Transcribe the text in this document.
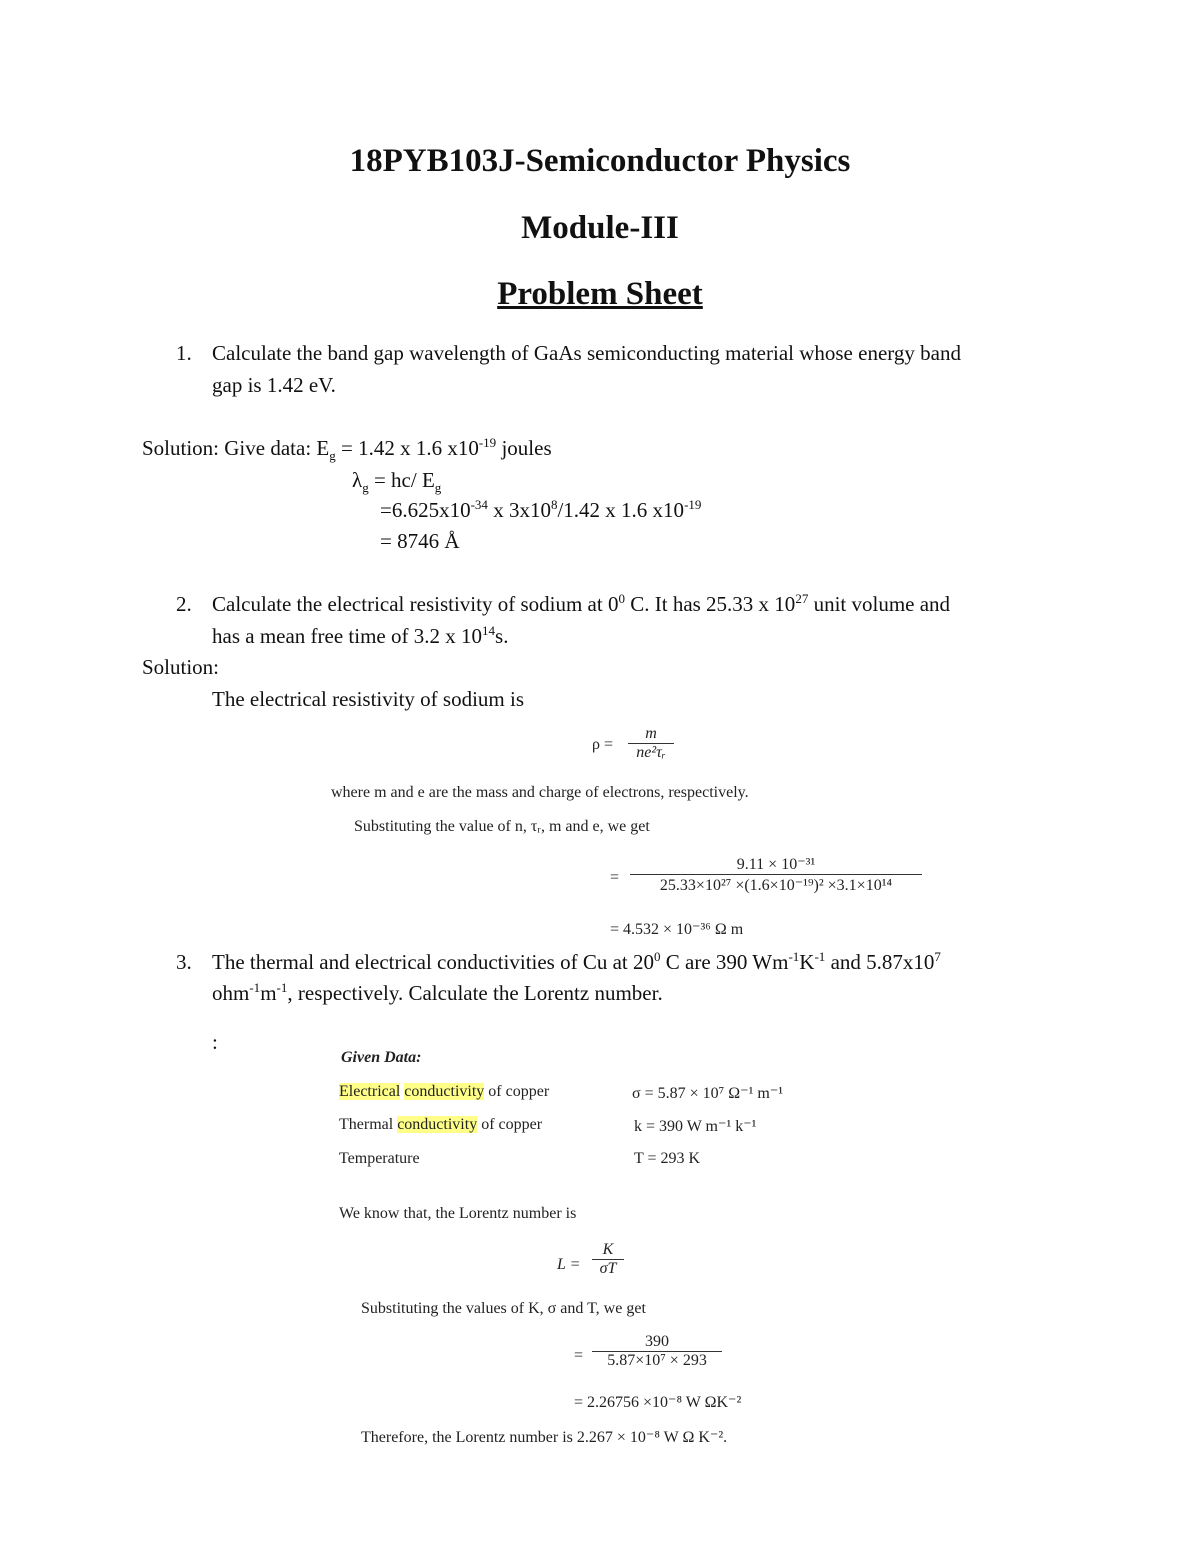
18PYB103J-Semiconductor Physics
Module-III
Problem Sheet
1. Calculate the band gap wavelength of GaAs semiconducting material whose energy band
gap is 1.42 eV.
Solution: Give data: $E_g = 1.42$ x 1.6 $x10^{-19}$ joules
$\lambda_g = hc/$ $E_g$
$=6.625x10^{-34}$ x $3x10^8/1.42$ x 1.6 $x10^{-19}$
= 8746 Å
2. Calculate the electrical resistivity of sodium at $0^0$ C. It has 25.33 x $10^{27}$ unit volume and
has a mean free time of 3.2 x $10^{14}s$.
Solution:
The electrical resistivity of sodium is
ρ =
m
ne²τᵣ
where m and e are the mass and charge of electrons, respectively.
Substituting the value of n, τᵣ, m and e, we get
=
9.11 × 10⁻³¹
25.33×10²⁷ ×(1.6×10⁻¹⁹)² ×3.1×10¹⁴
= 4.532 × 10⁻³⁶ Ω m
3. The thermal and electrical conductivities of Cu at $20^0$ C are 390 $Wm^{-1}K^{-1}$ and $5.87x10^7$
$ohm^{-1}m^{-1}$, respectively. Calculate the Lorentz number.
:
Given Data:
Electrical conductivity of copper	σ = 5.87 × 10⁷ Ω⁻¹ m⁻¹
Thermal conductivity of copper	k = 390 W m⁻¹ k⁻¹
Temperature	T = 293 K
We know that, the Lorentz number is
L =
K
σT
Substituting the values of K, σ and T, we get
=
390
5.87×10⁷ × 293
= 2.26756 ×10⁻⁸ W ΩK⁻²
Therefore, the Lorentz number is 2.267 × 10⁻⁸ W Ω K⁻².
